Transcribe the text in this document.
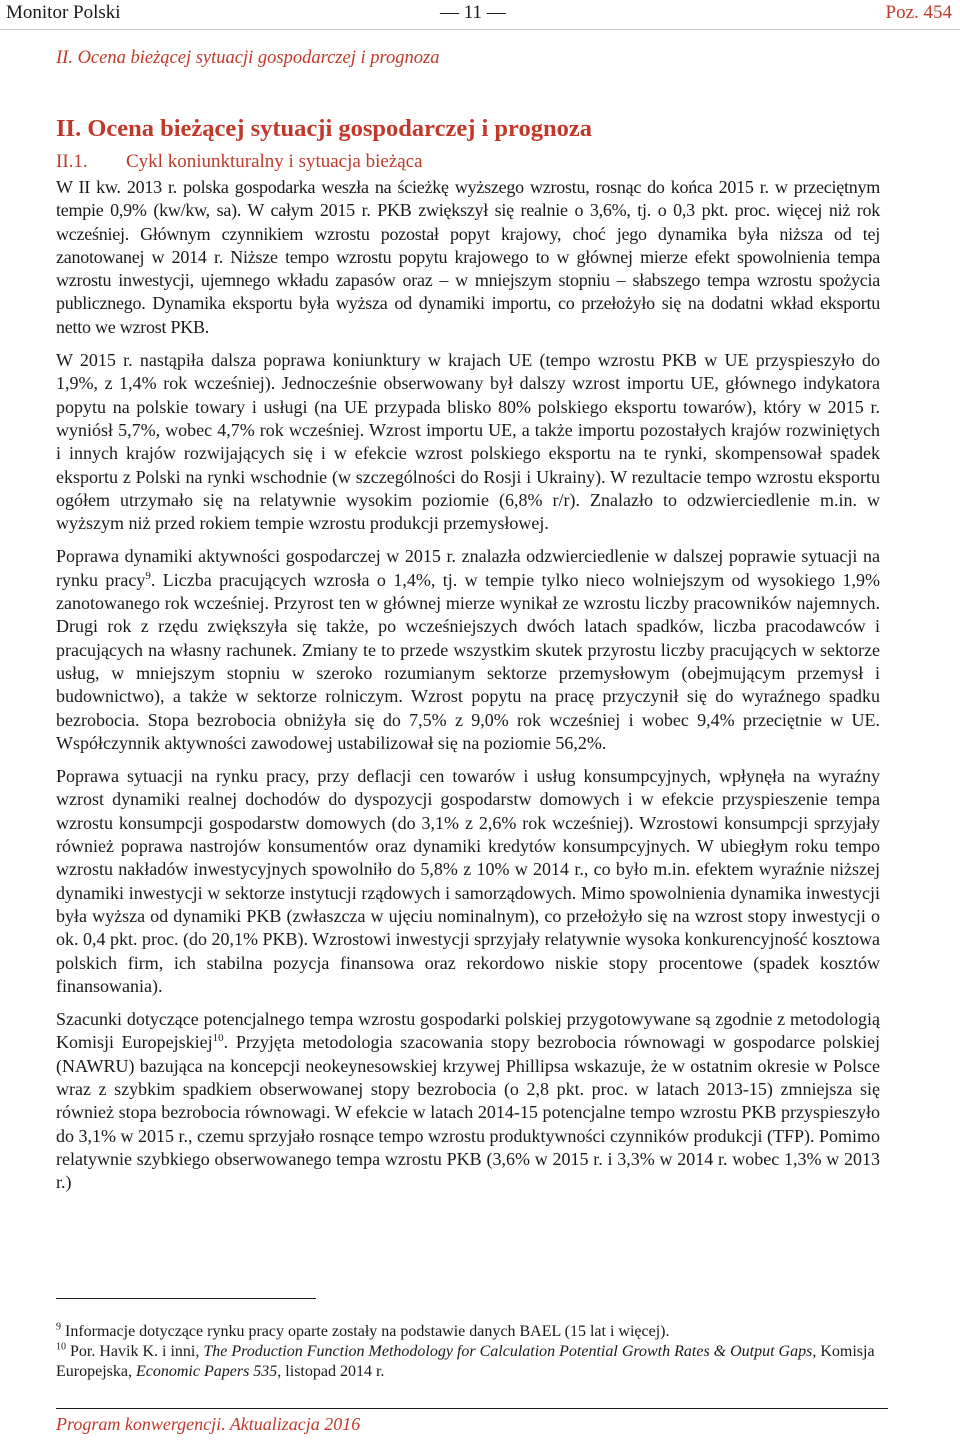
Monitor Polski	— 11 —	Poz. 454
II. Ocena bieżącej sytuacji gospodarczej i prognoza
II. Ocena bieżącej sytuacji gospodarczej i prognoza
II.1. Cykl koniunkturalny i sytuacja bieżąca

W II kw. 2013 r. polska gospodarka weszła na ścieżkę wyższego wzrostu, rosnąc do końca 2015 r. w przeciętnym tempie 0,9% (kw/kw, sa). W całym 2015 r. PKB zwiększył się realnie o 3,6%, tj. o 0,3 pkt. proc. więcej niż rok wcześniej. Głównym czynnikiem wzrostu pozostał popyt krajowy, choć jego dynamika była niższa od tej zanotowanej w 2014 r. Niższe tempo wzrostu popytu krajowego to w głównej mierze efekt spowolnienia tempa wzrostu inwestycji, ujemnego wkładu zapasów oraz – w mniejszym stopniu – słabszego tempa wzrostu spożycia publicznego. Dynamika eksportu była wyższa od dynamiki importu, co przełożyło się na dodatni wkład eksportu netto we wzrost PKB.

W 2015 r. nastąpiła dalsza poprawa koniunktury w krajach UE (tempo wzrostu PKB w UE przyspieszyło do 1,9%, z 1,4% rok wcześniej). Jednocześnie obserwowany był dalszy wzrost importu UE, głównego indykatora popytu na polskie towary i usługi (na UE przypada blisko 80% polskiego eksportu towarów), który w 2015 r. wyniósł 5,7%, wobec 4,7% rok wcześniej. Wzrost importu UE, a także importu pozostałych krajów rozwiniętych i innych krajów rozwijających się i w efekcie wzrost polskiego eksportu na te rynki, skompensował spadek eksportu z Polski na rynki wschodnie (w szczególności do Rosji i Ukrainy). W rezultacie tempo wzrostu eksportu ogółem utrzymało się na relatywnie wysokim poziomie (6,8% r/r). Znalazło to odzwierciedlenie m.in. w wyższym niż przed rokiem tempie wzrostu produkcji przemysłowej.

Poprawa dynamiki aktywności gospodarczej w 2015 r. znalazła odzwierciedlenie w dalszej poprawie sytuacji na rynku pracy$^9$. Liczba pracujących wzrosła o 1,4%, tj. w tempie tylko nieco wolniejszym od wysokiego 1,9% zanotowanego rok wcześniej. Przyrost ten w głównej mierze wynikał ze wzrostu liczby pracowników najemnych. Drugi rok z rzędu zwiększyła się także, po wcześniejszych dwóch latach spadków, liczba pracodawców i pracujących na własny rachunek. Zmiany te to przede wszystkim skutek przyrostu liczby pracujących w sektorze usług, w mniejszym stopniu w szeroko rozumianym sektorze przemysłowym (obejmującym przemysł i budownictwo), a także w sektorze rolniczym. Wzrost popytu na pracę przyczynił się do wyraźnego spadku bezrobocia. Stopa bezrobocia obniżyła się do 7,5% z 9,0% rok wcześniej i wobec 9,4% przeciętnie w UE. Współczynnik aktywności zawodowej ustabilizował się na poziomie 56,2%.

Poprawa sytuacji na rynku pracy, przy deflacji cen towarów i usług konsumpcyjnych, wpłynęła na wyraźny wzrost dynamiki realnej dochodów do dyspozycji gospodarstw domowych i w efekcie przyspieszenie tempa wzrostu konsumpcji gospodarstw domowych (do 3,1% z 2,6% rok wcześniej). Wzrostowi konsumpcji sprzyjały również poprawa nastrojów konsumentów oraz dynamiki kredytów konsumpcyjnych. W ubiegłym roku tempo wzrostu nakładów inwestycyjnych spowolniło do 5,8% z 10% w 2014 r., co było m.in. efektem wyraźnie niższej dynamiki inwestycji w sektorze instytucji rządowych i samorządowych. Mimo spowolnienia dynamika inwestycji była wyższa od dynamiki PKB (zwłaszcza w ujęciu nominalnym), co przełożyło się na wzrost stopy inwestycji o ok. 0,4 pkt. proc. (do 20,1% PKB). Wzrostowi inwestycji sprzyjały relatywnie wysoka konkurencyjność kosztowa polskich firm, ich stabilna pozycja finansowa oraz rekordowo niskie stopy procentowe (spadek kosztów finansowania).

Szacunki dotyczące potencjalnego tempa wzrostu gospodarki polskiej przygotowywane są zgodnie z metodologią Komisji Europejskiej$^{10}$. Przyjęta metodologia szacowania stopy bezrobocia równowagi w gospodarce polskiej (NAWRU) bazująca na koncepcji neokeynesowskiej krzywej Phillipsa wskazuje, że w ostatnim okresie w Polsce wraz z szybkim spadkiem obserwowanej stopy bezrobocia (o 2,8 pkt. proc. w latach 2013-15) zmniejsza się również stopa bezrobocia równowagi. W efekcie w latach 2014-15 potencjalne tempo wzrostu PKB przyspieszyło do 3,1% w 2015 r., czemu sprzyjało rosnące tempo wzrostu produktywności czynników produkcji (TFP). Pomimo relatywnie szybkiego obserwowanego tempa wzrostu PKB (3,6% w 2015 r. i 3,3% w 2014 r. wobec 1,3% w 2013 r.)

$^9$ Informacje dotyczące rynku pracy oparte zostały na podstawie danych BAEL (15 lat i więcej).
$^{10}$ Por. Havik K. i inni, The Production Function Methodology for Calculation Potential Growth Rates & Output Gaps, Komisja Europejska, Economic Papers 535, listopad 2014 r.
Program konwergencji. Aktualizacja 2016
